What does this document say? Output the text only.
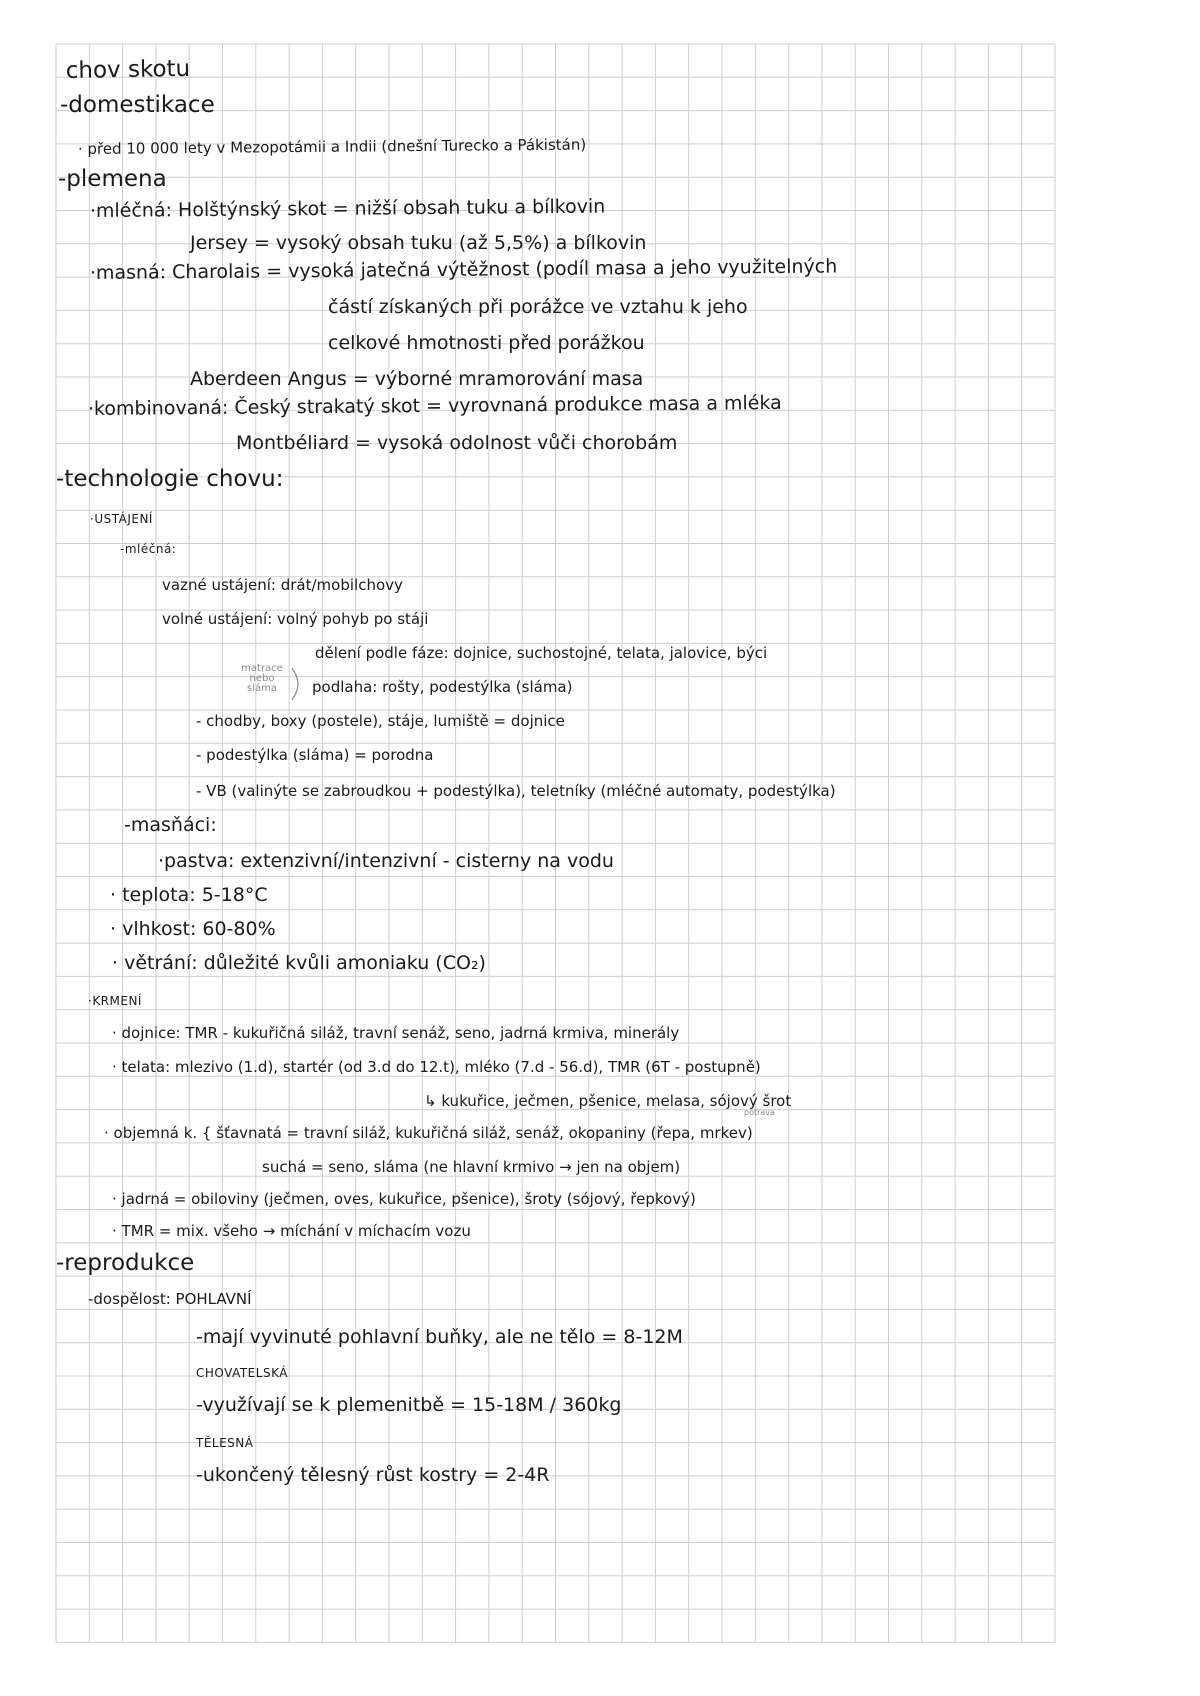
chov skotu
-domestikace
· před 10 000 lety v Mezopotámii a Indii (dnešní Turecko a Pákistán)
-plemena
·mléčná: Holštýnský skot = nižší obsah tuku a bílkovin
Jersey = vysoký obsah tuku (až 5,5%) a bílkovin
·masná: Charolais = vysoká jatečná výtěžnost (podíl masa a jeho využitelných
částí získaných při porážce ve vztahu k jeho
celkové hmotnosti před porážkou
Aberdeen Angus = výborné mramorování masa
·kombinovaná: Český strakatý skot = vyrovnaná produkce masa a mléka
Montbéliard = vysoká odolnost vůči chorobám
-technologie chovu:
·USTÁJENÍ
-mléčná:
vazné ustájení: drát/mobilchovy
volné ustájení: volný pohyb po stáji
dělení podle fáze: dojnice, suchostojné, telata, jalovice, býci
matrace
nebo
sláma	podlaha: rošty, podestýlka (sláma)
- chodby, boxy (postele), stáje, lumiště = dojnice
- podestýlka (sláma) = porodna
- VB (valinýte se zabroudkou + podestýlka), teletníky (mléčné automaty, podestýlka)
-masňáci:
·pastva: extenzivní/intenzivní - cisterny na vodu
· teplota: 5-18°C
· vlhkost: 60-80%
· větrání: důležité kvůli amoniaku (CO₂)
·KRMENÍ
· dojnice: TMR - kukuřičná siláž, travní senáž, seno, jadrná krmiva, minerály
· telata: mlezivo (1.d), startér (od 3.d do 12.t), mléko (7.d - 56.d), TMR (6T - postupně)
↳ kukuřice, ječmen, pšenice, melasa, sójový šrot
potrava
· objemná k. { šťavnatá = travní siláž, kukuřičná siláž, senáž, okopaniny (řepa, mrkev)
suchá = seno, sláma (ne hlavní krmivo → jen na objem)
· jadrná = obiloviny (ječmen, oves, kukuřice, pšenice), šroty (sójový, řepkový)
· TMR = mix. všeho → míchání v míchacím vozu
-reprodukce
-dospělost: POHLAVNÍ
-mají vyvinuté pohlavní buňky, ale ne tělo = 8-12M
CHOVATELSKÁ
-využívají se k plemenitbě = 15-18M / 360kg
TĚLESNÁ
-ukončený tělesný růst kostry = 2-4R
